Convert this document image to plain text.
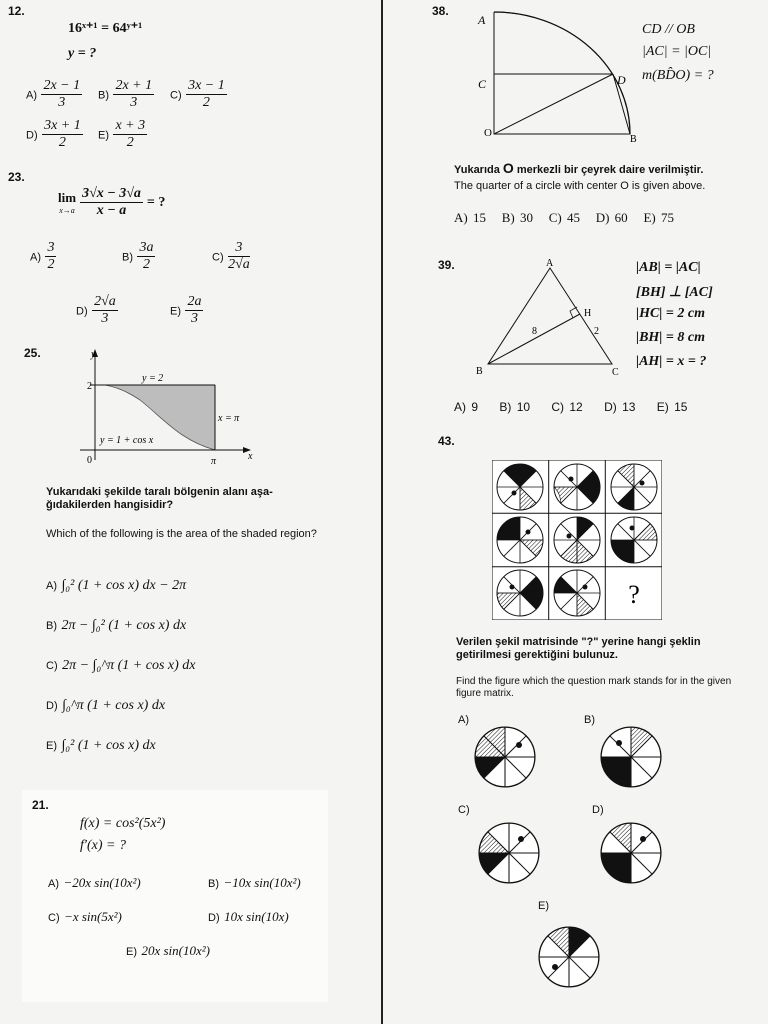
12.
16ˣ⁺¹ = 64ʸ⁺¹
y = ?
$A) \frac{2x - 1}{3} B) \frac{2x + 1}{3} C) \frac{3x - 1}{2}$
$D) \frac{3x + 1}{2} E) \frac{x + 3}{2}$
23.
lim
x→a
$\frac{3√x - 3√a}{x - a}$ = ?
$A) \frac{3}{2}$	$B) \frac{3a}{2}$	$C) \frac{3}{2√a}$
$D) \frac{2√a}{3}$	$E) \frac{2a}{3}$
25.	y
x
2
0	π
y = 2
x = π
y = 1 + cos x
Yukarıdaki şekilde taralı bölgenin alanı aşa-ğıdakilerden hangisidir?
Which of the following is the area of the shaded region?
A) ∫₀² (1 + cos x) dx − 2π
B) 2π − ∫₀² (1 + cos x) dx
C) 2π − ∫₀^π (1 + cos x) dx
D) ∫₀^π (1 + cos x) dx
E) ∫₀² (1 + cos x) dx
21.
f(x) = cos²(5x²)
f′(x) = ?
A) −20x sin(10x²)	B) −10x sin(10x²)
C) −x sin(5x²)	D) 10x sin(10x)
E) 20x sin(10x²)
38.
A
C	D
O
B
CD // OB
|AC| = |OC|
m(BD̂O) = ?
Yukarıda O merkezli bir çeyrek daire verilmiştir.
The quarter of a circle with center O is given above.
A) 15 B) 30 C) 45 D) 60 E) 75
39.	A
B	C
H
8	2
|AB| = |AC|
[BH] ⊥ [AC]
|HC| = 2 cm
|BH| = 8 cm
|AH| = x = ?
A) 9 B) 10 C) 12 D) 13 E) 15
43.
?
Verilen şekil matrisinde "?" yerine hangi şeklin getirilmesi gerektiğini bulunuz.
Find the figure which the question mark stands for in the given figure matrix.
A)	B)
C)	D)
E)
